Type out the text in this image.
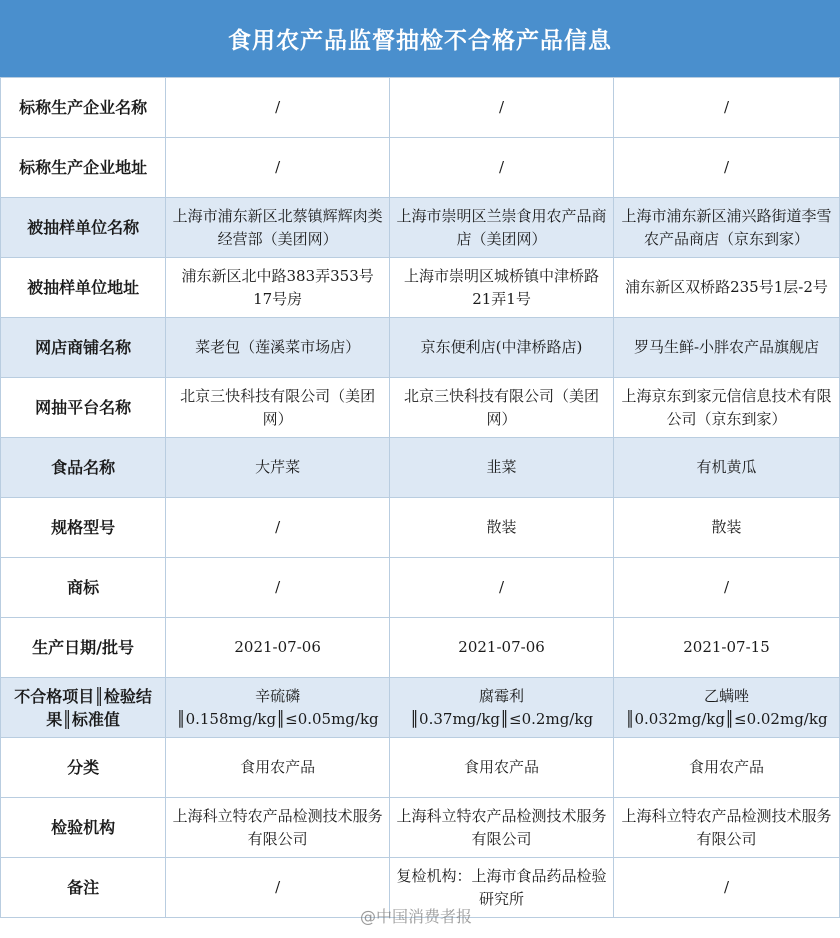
食用农产品监督抽检不合格产品信息
标称生产企业名称	/	/	/
标称生产企业地址	/	/	/
被抽样单位名称	上海市浦东新区北蔡镇辉辉肉类经营部（美团网）	上海市崇明区兰崇食用农产品商店（美团网）	上海市浦东新区浦兴路街道李雪农产品商店（京东到家）
被抽样单位地址	浦东新区北中路383弄353号17号房	上海市崇明区城桥镇中津桥路21弄1号	浦东新区双桥路235号1层-2号
网店商铺名称	菜老包（莲溪菜市场店）	京东便利店(中津桥路店)	罗马生鲜-小胖农产品旗舰店
网抽平台名称	北京三快科技有限公司（美团网）	北京三快科技有限公司（美团网）	上海京东到家元信信息技术有限公司（京东到家）
食品名称	大芹菜	韭菜	有机黄瓜
规格型号	/	散装	散装
商标	/	/	/
生产日期/批号	2021-07-06	2021-07-06	2021-07-15
不合格项目║检验结果║标准值	辛硫磷║0.158mg/kg║≤0.05mg/kg	腐霉利║0.37mg/kg║≤0.2mg/kg	乙螨唑║0.032mg/kg║≤0.02mg/kg
分类	食用农产品	食用农产品	食用农产品
检验机构	上海科立特农产品检测技术服务有限公司	上海科立特农产品检测技术服务有限公司	上海科立特农产品检测技术服务有限公司
备注	/	复检机构：上海市食品药品检验研究所	/
@中国消费者报
